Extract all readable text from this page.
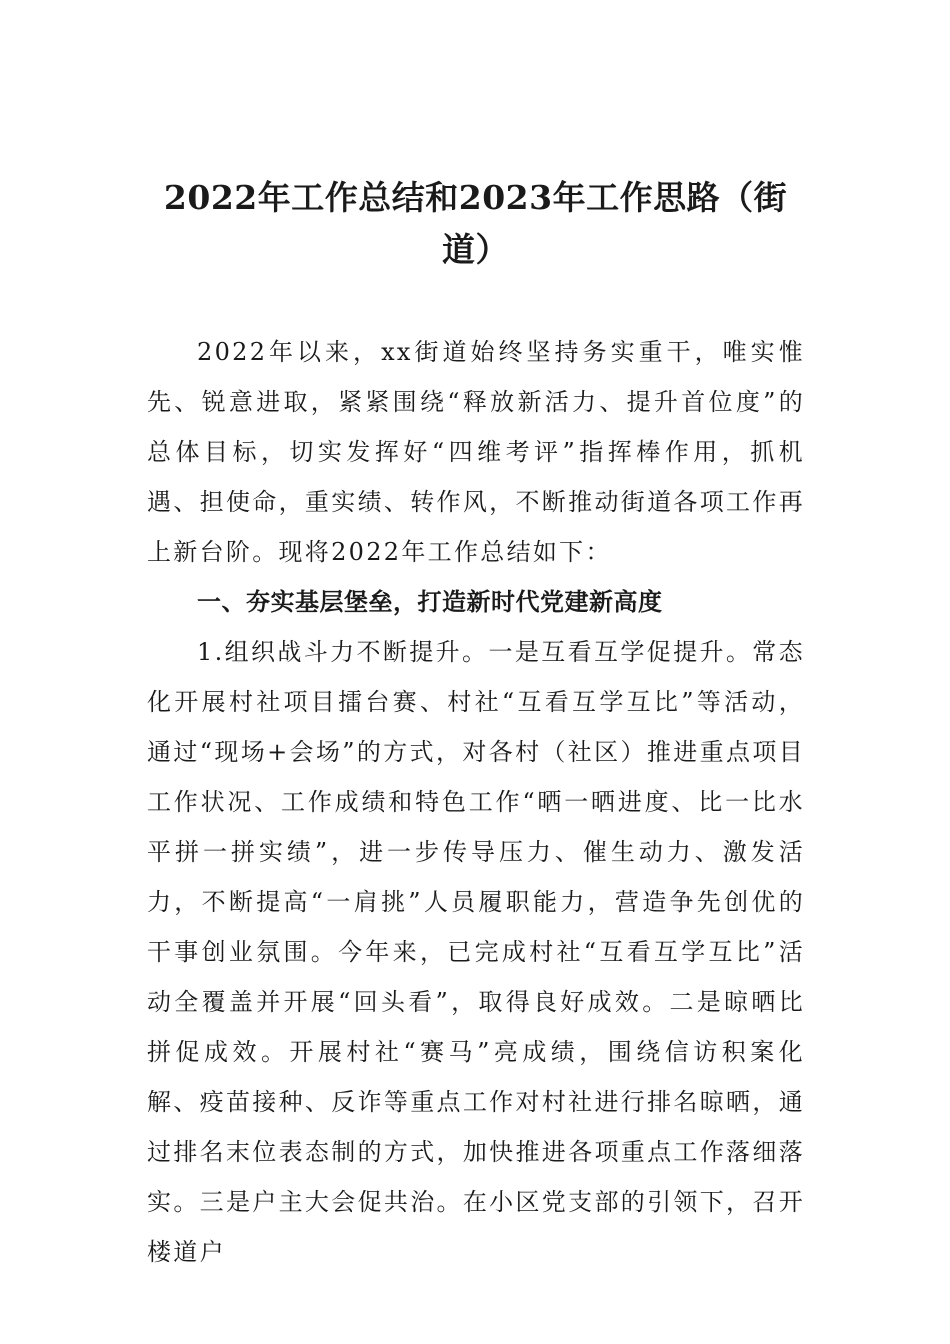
2022年工作总结和2023年工作思路（街道）

2022年以来，xx街道始终坚持务实重干，唯实惟先、锐意进取，紧紧围绕“释放新活力、提升首位度”的总体目标，切实发挥好“四维考评”指挥棒作用，抓机遇、担使命，重实绩、转作风，不断推动街道各项工作再上新台阶。现将2022年工作总结如下：

一、夯实基层堡垒，打造新时代党建新高度

1.组织战斗力不断提升。一是互看互学促提升。常态化开展村社项目擂台赛、村社“互看互学互比”等活动，通过“现场+会场”的方式，对各村（社区）推进重点项目工作状况、工作成绩和特色工作“晒一晒进度、比一比水平拼一拼实绩”，进一步传导压力、催生动力、激发活力，不断提高“一肩挑”人员履职能力，营造争先创优的干事创业氛围。今年来，已完成村社“互看互学互比”活动全覆盖并开展“回头看”，取得良好成效。二是晾晒比拼促成效。开展村社“赛马”亮成绩，围绕信访积案化解、疫苗接种、反诈等重点工作对村社进行排名晾晒，通过排名末位表态制的方式，加快推进各项重点工作落细落实。三是户主大会促共治。在小区党支部的引领下，召开楼道户
